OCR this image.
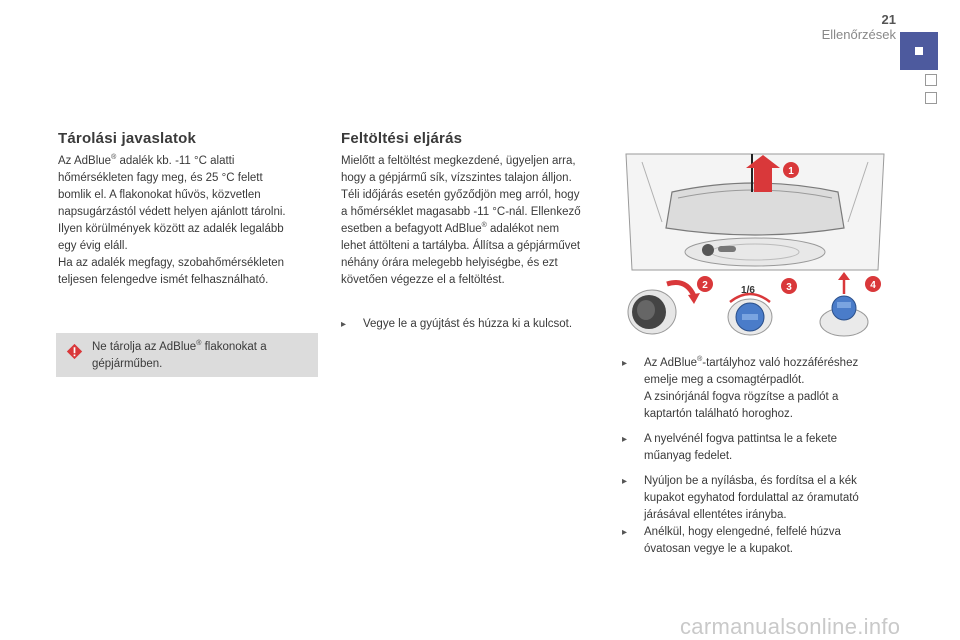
21
Ellenőrzések
Tárolási javaslatok

Az AdBlue® adalék kb. -11 °C alatti

hőmérsékleten fagy meg, és 25 °C felett

bomlik el. A flakonokat hűvös, közvetlen

napsugárzástól védett helyen ajánlott tárolni.

Ilyen körülmények között az adalék legalább

egy évig eláll.

Ha az adalék megfagy, szobahőmérsékleten

teljesen felengedve ismét felhasználható.

Ne tárolja az AdBlue® flakonokat a
gépjárműben.
Feltöltési eljárás

Mielőtt a feltöltést megkezdené, ügyeljen arra,

hogy a gépjármű sík, vízszintes talajon álljon.

Téli időjárás esetén győződjön meg arról, hogy

a hőmérséklet magasabb -11 °C-nál. Ellenkező

esetben a befagyott AdBlue® adalékot nem

lehet áttölteni a tartályba. Állítsa a gépjárművet

néhány órára melegebb helyiségbe, és ezt

követően végezze el a feltöltést.

▸	Vegye le a gyújtást és húzza ki a kulcsot.
1
2	1/6	3	4
▸	Az AdBlue®-tartályhoz való hozzáféréshez
emelje meg a csomagtérpadlót.
A zsinórjánál fogva rögzítse a padlót a
kaptartón található horoghoz.
▸	A nyelvénél fogva pattintsa le a fekete
műanyag fedelet.
▸	Nyúljon be a nyílásba, és fordítsa el a kék
kupakot egyhatod fordulattal az óramutató
járásával ellentétes irányba.
▸	Anélkül, hogy elengedné, felfelé húzva
óvatosan vegye le a kupakot.
carmanualsonline.info
